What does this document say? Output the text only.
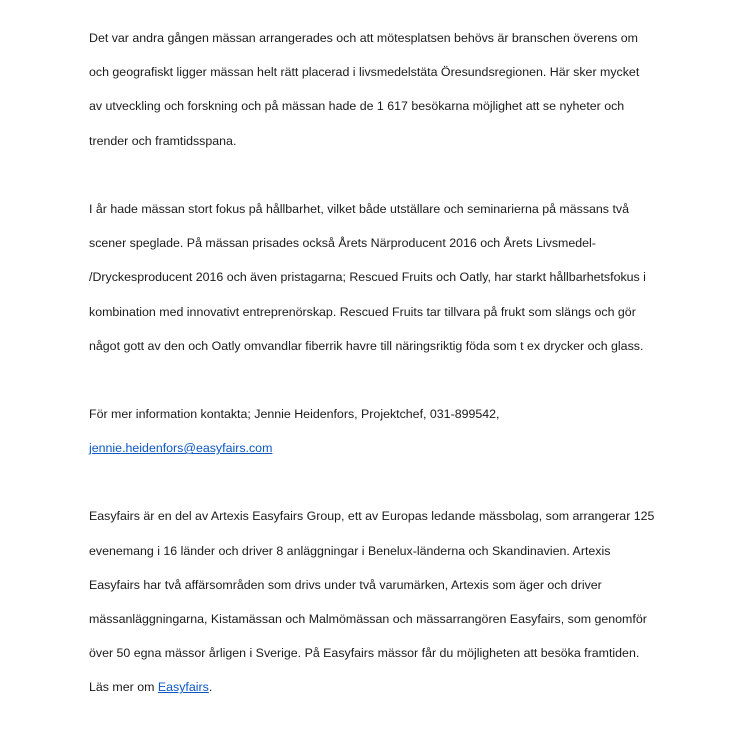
Det var andra gången mässan arrangerades och att mötesplatsen behövs är branschen överens om

och geografiskt ligger mässan helt rätt placerad i livsmedelstäta Öresundsregionen. Här sker mycket

av utveckling och forskning och på mässan hade de 1 617 besökarna möjlighet att se nyheter och

trender och framtidsspana.

I år hade mässan stort fokus på hållbarhet, vilket både utställare och seminarierna på mässans två

scener speglade. På mässan prisades också Årets Närproducent 2016 och Årets Livsmedel-

/Dryckesproducent 2016 och även pristagarna; Rescued Fruits och Oatly, har starkt hållbarhetsfokus i

kombination med innovativt entreprenörskap. Rescued Fruits tar tillvara på frukt som slängs och gör

något gott av den och Oatly omvandlar fiberrik havre till näringsriktig föda som t ex drycker och glass.

För mer information kontakta; Jennie Heidenfors, Projektchef, 031-899542,

jennie.heidenfors@easyfairs.com

Easyfairs är en del av Artexis Easyfairs Group, ett av Europas ledande mässbolag, som arrangerar 125

evenemang i 16 länder och driver 8 anläggningar i Benelux-länderna och Skandinavien. Artexis

Easyfairs har två affärsområden som drivs under två varumärken, Artexis som äger och driver

mässanläggningarna, Kistamässan och Malmömässan och mässarrangören Easyfairs, som genomför

över 50 egna mässor årligen i Sverige. På Easyfairs mässor får du möjligheten att besöka framtiden.

Läs mer om Easyfairs.
